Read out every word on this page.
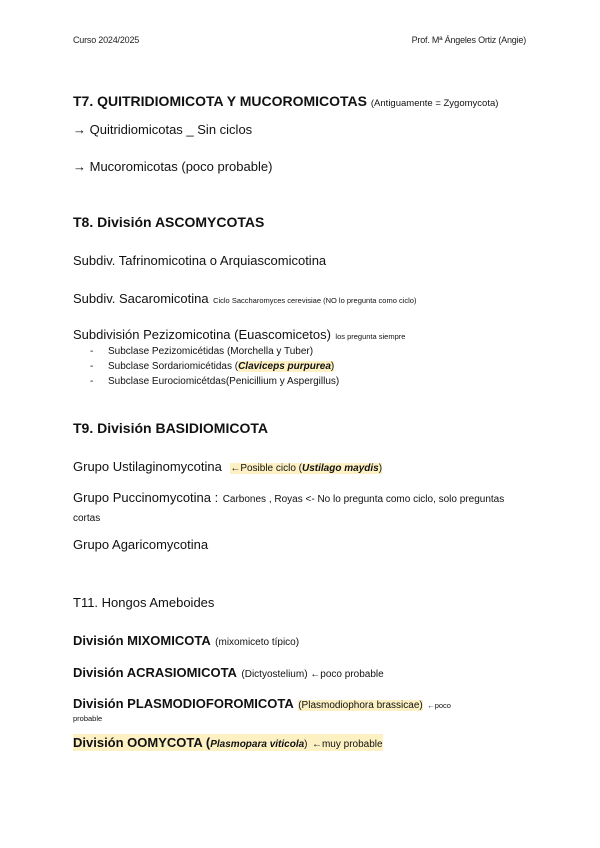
Curso 2024/2025	Prof. Mª Ángeles Ortiz (Angie)
T7. QUITRIDIOMICOTA Y MUCOROMICOTAS (Antiguamente = Zygomycota)
→ Quitridiomicotas _ Sin ciclos
→ Mucoromicotas (poco probable)
T8. División ASCOMYCOTAS
Subdiv. Tafrinomicotina o Arquiascomicotina
Subdiv. Sacaromicotina Ciclo Saccharomyces cerevisiae (NO lo pregunta como ciclo)
Subdivisión Pezizomicotina (Euascomicetos) los pregunta siempre
- Subclase Pezizomicétidas (Morchella y Tuber)
- Subclase Sordariomicétidas (Claviceps purpurea)
- Subclase Eurociomicétdas(Penicillium y Aspergillus)
T9. División BASIDIOMICOTA
Grupo Ustilaginomycotina ←Posible ciclo (Ustilago maydis)
Grupo Puccinomycotina : Carbones , Royas <- No lo pregunta como ciclo, solo preguntas cortas
Grupo Agaricomycotina
T11. Hongos Ameboides
División MIXOMICOTA (mixomiceto típico)
División ACRASIOMICOTA (Dictyostelium) ←poco probable
División PLASMODIOFOROMICOTA (Plasmodiophora brassicae) ←poco
probable
División OOMYCOTA (Plasmopara viticola) ←muy probable
